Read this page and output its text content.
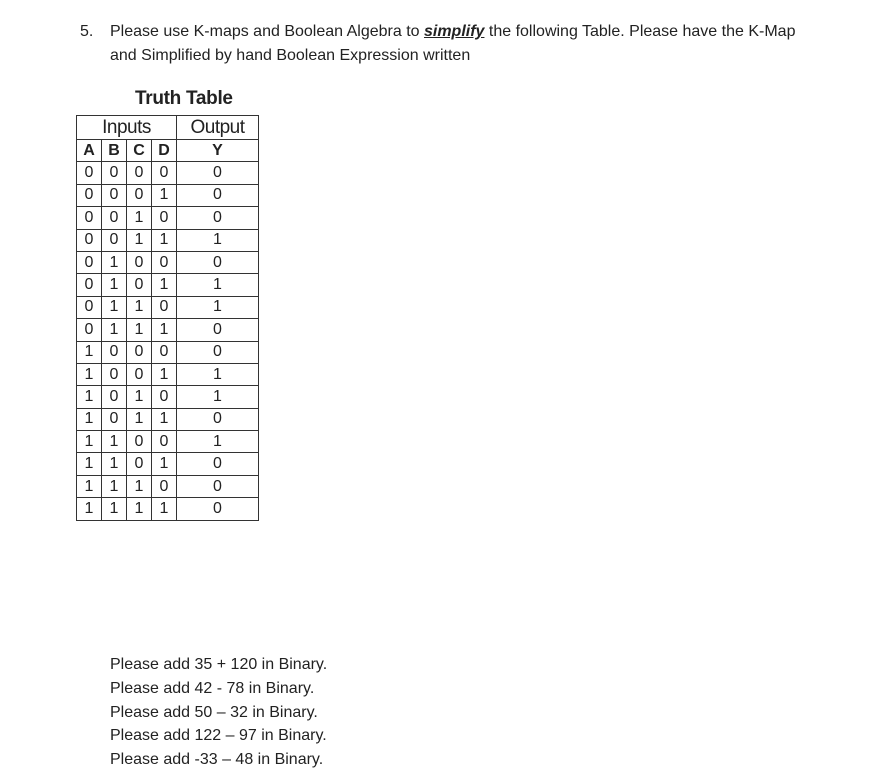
5. Please use K-maps and Boolean Algebra to simplify the following Table. Please have the K-Map
and Simplified by hand Boolean Expression written
Truth Table
Inputs				Output
A	B	C	D	Y
0	0	0	0	0
0	0	0	1	0
0	0	1	0	0
0	0	1	1	1
0	1	0	0	0
0	1	0	1	1
0	1	1	0	1
0	1	1	1	0
1	0	0	0	0
1	0	0	1	1
1	0	1	0	1
1	0	1	1	0
1	1	0	0	1
1	1	0	1	0
1	1	1	0	0
1	1	1	1	0
Please add 35 + 120 in Binary.
Please add 42 - 78 in Binary.
Please add 50 – 32 in Binary.
Please add 122 – 97 in Binary.
Please add -33 – 48 in Binary.
